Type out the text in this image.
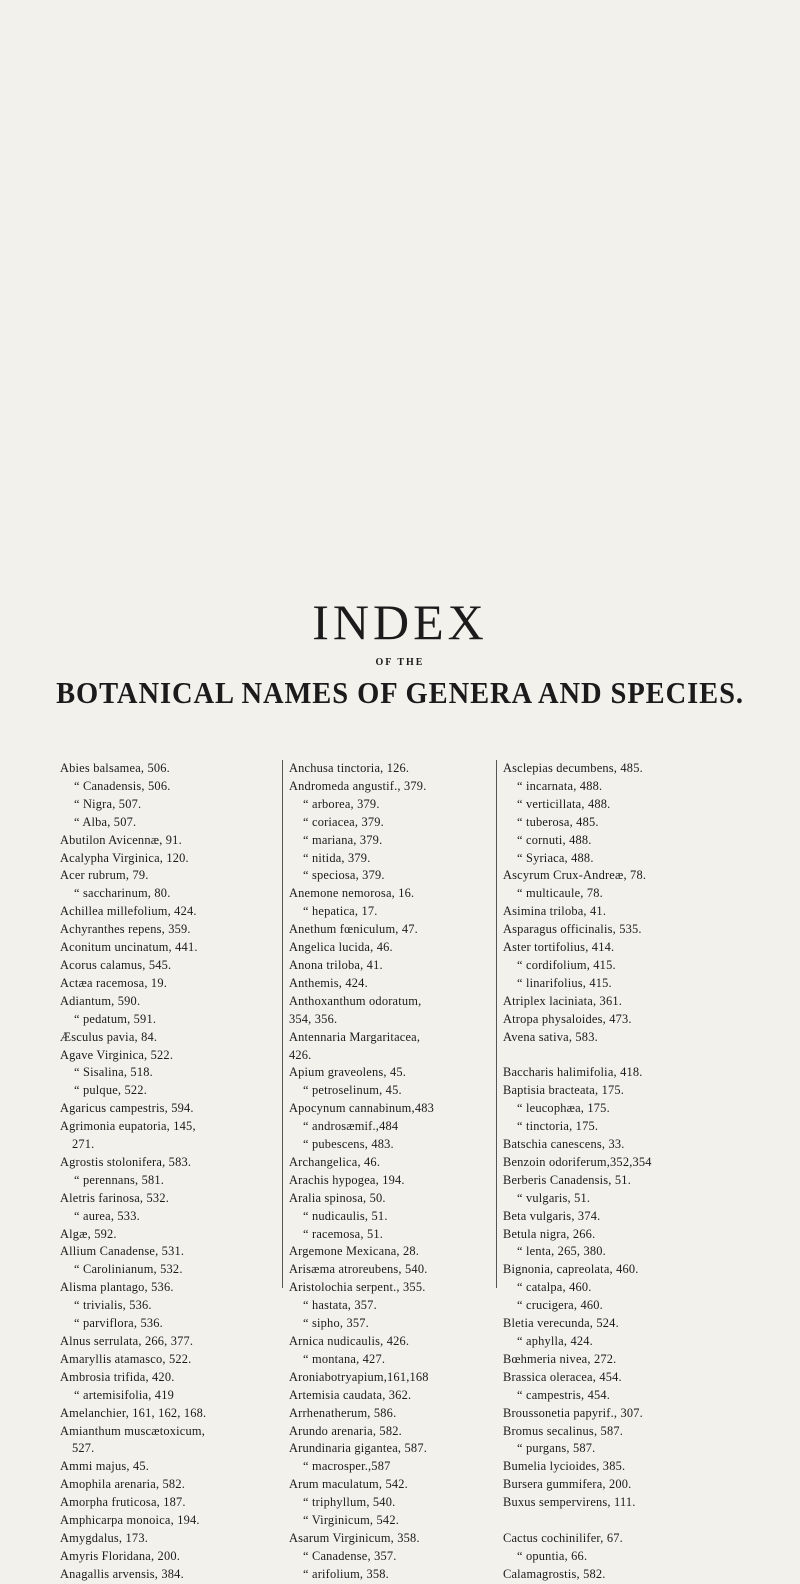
INDEX
OF THE
BOTANICAL NAMES OF GENERA AND SPECIES.
Abies balsamea, 506.
“ Canadensis, 506.
“ Nigra, 507.
“ Alba, 507.
Abutilon Avicennæ, 91.
Acalypha Virginica, 120.
Acer rubrum, 79.
“ saccharinum, 80.
Achillea millefolium, 424.
Achyranthes repens, 359.
Aconitum uncinatum, 441.
Acorus calamus, 545.
Actæa racemosa, 19.
Adiantum, 590.
“ pedatum, 591.
Æsculus pavia, 84.
Agave Virginica, 522.
“ Sisalina, 518.
“ pulque, 522.
Agaricus campestris, 594.
Agrimonia eupatoria, 145,
271.
Agrostis stolonifera, 583.
“ perennans, 581.
Aletris farinosa, 532.
“ aurea, 533.
Algæ, 592.
Allium Canadense, 531.
“ Carolinianum, 532.
Alisma plantago, 536.
“ trivialis, 536.
“ parviflora, 536.
Alnus serrulata, 266, 377.
Amaryllis atamasco, 522.
Ambrosia trifida, 420.
“ artemisifolia, 419
Amelanchier, 161, 162, 168.
Amianthum muscætoxicum,
527.
Ammi majus, 45.
Amophila arenaria, 582.
Amorpha fruticosa, 187.
Amphicarpa monoica, 194.
Amygdalus, 173.
Amyris Floridana, 200.
Anagallis arvensis, 384.
Anchusa tinctoria, 126.
Andromeda angustif., 379.
“ arborea, 379.
“ coriacea, 379.
“ mariana, 379.
“ nitida, 379.
“ speciosa, 379.
Anemone nemorosa, 16.
“ hepatica, 17.
Anethum fœniculum, 47.
Angelica lucida, 46.
Anona triloba, 41.
Anthemis, 424.
Anthoxanthum odoratum,
354, 356.
Antennaria Margaritacea,
426.
Apium graveolens, 45.
“ petroselinum, 45.
Apocynum cannabinum,483
“ androsæmif.,484
“ pubescens, 483.
Archangelica, 46.
Arachis hypogea, 194.
Aralia spinosa, 50.
“ nudicaulis, 51.
“ racemosa, 51.
Argemone Mexicana, 28.
Arisæma atroreubens, 540.
Aristolochia serpent., 355.
“ hastata, 357.
“ sipho, 357.
Arnica nudicaulis, 426.
“ montana, 427.
Aroniabotryapium,161,168
Artemisia caudata, 362.
Arrhenatherum, 586.
Arundo arenaria, 582.
Arundinaria gigantea, 587.
“ macrosper.,587
Arum maculatum, 542.
“ triphyllum, 540.
“ Virginicum, 542.
Asarum Virginicum, 358.
“ Canadense, 357.
“ arifolium, 358.
Asclepias decumbens, 485.
“ incarnata, 488.
“ verticillata, 488.
“ tuberosa, 485.
“ cornuti, 488.
“ Syriaca, 488.
Ascyrum Crux-Andreæ, 78.
“ multicaule, 78.
Asimina triloba, 41.
Asparagus officinalis, 535.
Aster tortifolius, 414.
“ cordifolium, 415.
“ linarifolius, 415.
Atriplex laciniata, 361.
Atropa physaloides, 473.
Avena sativa, 583.
Baccharis halimifolia, 418.
Baptisia bracteata, 175.
“ leucophæa, 175.
“ tinctoria, 175.
Batschia canescens, 33.
Benzoin odoriferum,352,354
Berberis Canadensis, 51.
“ vulgaris, 51.
Beta vulgaris, 374.
Betula nigra, 266.
“ lenta, 265, 380.
Bignonia, capreolata, 460.
“ catalpa, 460.
“ crucigera, 460.
Bletia verecunda, 524.
“ aphylla, 424.
Bœhmeria nivea, 272.
Brassica oleracea, 454.
“ campestris, 454.
Broussonetia papyrif., 307.
Bromus secalinus, 587.
“ purgans, 587.
Bumelia lycioides, 385.
Bursera gummifera, 200.
Buxus sempervirens, 111.
Cactus cochinilifer, 67.
“ opuntia, 66.
Calamagrostis, 582.
